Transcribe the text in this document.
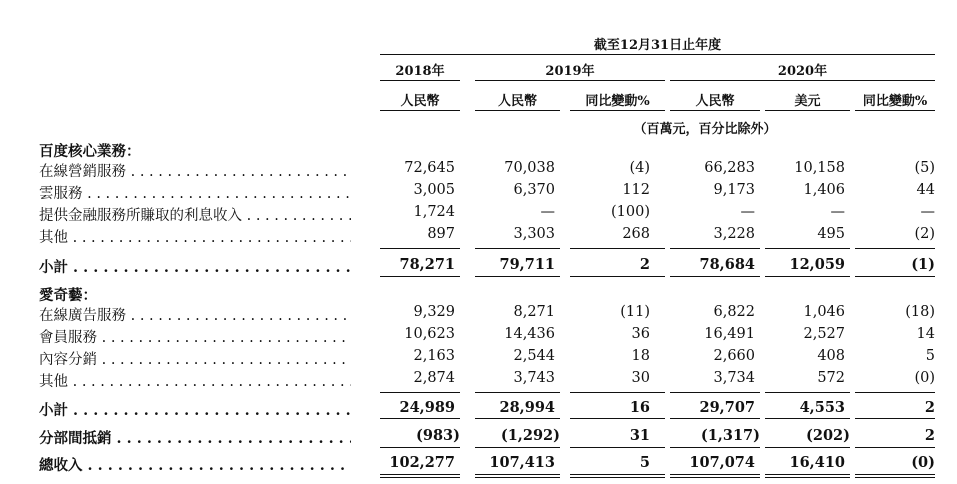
截至12月31日止年度
2018年	2019年	2020年
人民幣	人民幣	同比變動%	人民幣	美元	同比變動%
（百萬元，百分比除外）
百度核心業務：
在線營銷服務 . . .	72,645	70,038	(4)	66,283	10,158	(5)
雲服務 . . .	3,005	6,370	112	9,173	1,406	44
提供金融服務所賺取的利息收入 . . .	1,724	—	(100)	—	—	—
其他 . . .	897	3,303	268	3,228	495	(2)
小計 . . .	78,271	79,711	2	78,684	12,059	(1)
愛奇藝：
在線廣告服務 . . .	9,329	8,271	(11)	6,822	1,046	(18)
會員服務 . . .	10,623	14,436	36	16,491	2,527	14
內容分銷 . . .	2,163	2,544	18	2,660	408	5
其他 . . .	2,874	3,743	30	3,734	572	(0)
小計 . . .	24,989	28,994	16	29,707	4,553	2
分部間抵銷 . . .	(983)	(1,292)	31	(1,317)	(202)	2
總收入 . . .	102,277	107,413	5	107,074	16,410	(0)
